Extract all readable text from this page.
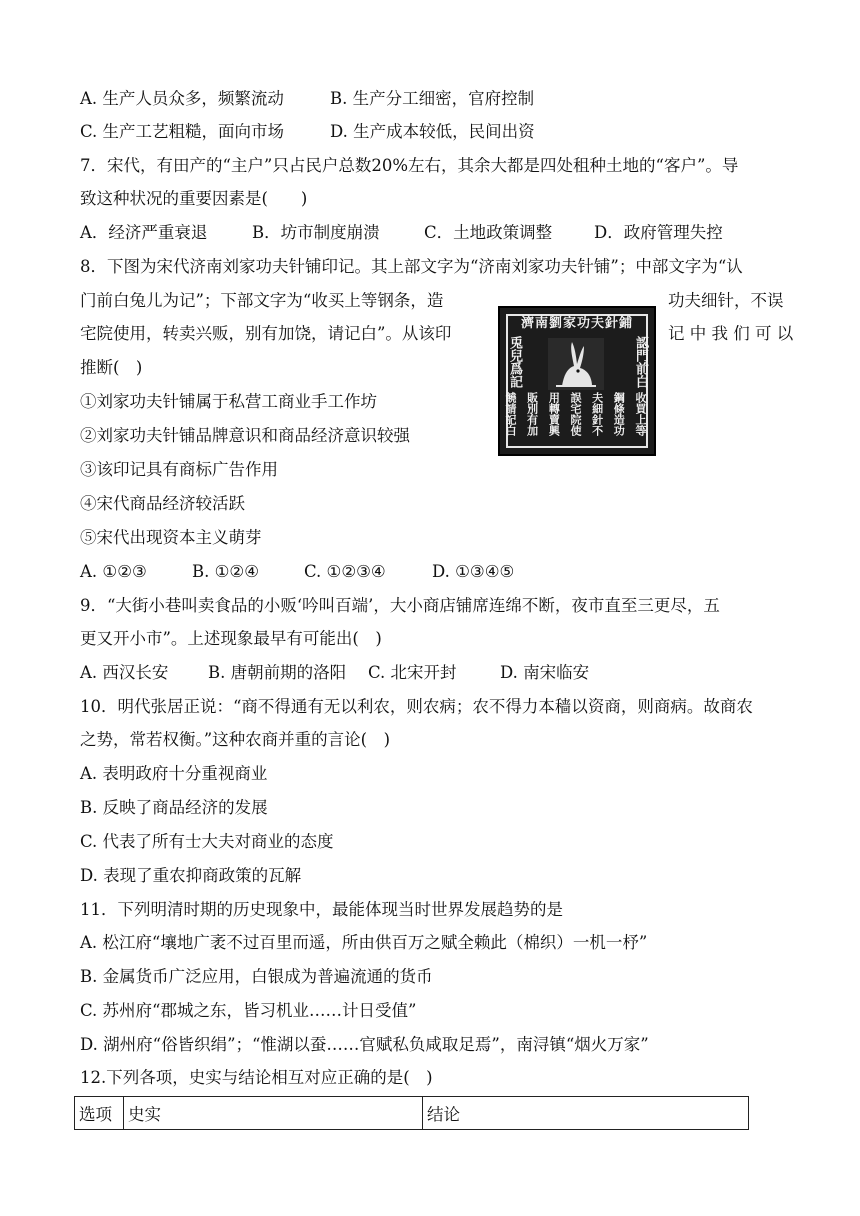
A. 生产人员众多，频繁流动	B. 生产分工细密，官府控制
C. 生产工艺粗糙，面向市场	D. 生产成本较低，民间出资
7．宋代，有田产的“主户”只占民户总数20%左右，其余大都是四处租种土地的“客户”。导
致这种状况的重要因素是(　　)
A．经济严重衰退	B．坊市制度崩溃	C．土地政策调整	D．政府管理失控
8．下图为宋代济南刘家功夫针铺印记。其上部文字为“济南刘家功夫针铺”；中部文字为“认
门前白兔儿为记”；下部文字为“收买上等钢条，造	功夫细针，不误
宅院使用，转卖兴贩，别有加饶，请记白”。从该印	记 中 我 们 可 以
推断(　)
①刘家功夫针铺属于私营工商业手工作坊
②刘家功夫针铺品牌意识和商品经济意识较强
③该印记具有商标广告作用
④宋代商品经济较活跃
⑤宋代出现资本主义萌芽
A. ①②③	B. ①②④	C. ①②③④	D. ①③④⑤
濟南劉家功夫針鋪
兎兒爲記	認門前白
饒請記白 販別有加 用轉賣興 誤宅院使 夫細針不 鋼條造功 收買上等
9．“大街小巷叫卖食品的小贩‘吟叫百端’，大小商店铺席连绵不断，夜市直至三更尽，五
更又开小市”。上述现象最早有可能出(　)
A. 西汉长安 B. 唐朝前期的洛阳 C. 北宋开封	D. 南宋临安
10．明代张居正说：“商不得通有无以利农，则农病；农不得力本穑以资商，则商病。故商农
之势，常若权衡。”这种农商并重的言论(　)
A. 表明政府十分重视商业
B. 反映了商品经济的发展
C. 代表了所有士大夫对商业的态度
D. 表现了重农抑商政策的瓦解
11．下列明清时期的历史现象中，最能体现当时世界发展趋势的是
A. 松江府“壤地广袤不过百里而遥，所由供百万之赋全赖此（棉织）一机一杼”
B. 金属货币广泛应用，白银成为普遍流通的货币
C. 苏州府“郡城之东，皆习机业……计日受值”
D. 湖州府“俗皆织绢”；“惟湖以蚕……官赋私负咸取足焉”，南浔镇“烟火万家”
12.下列各项，史实与结论相互对应正确的是(　)
选项	史实	结论
